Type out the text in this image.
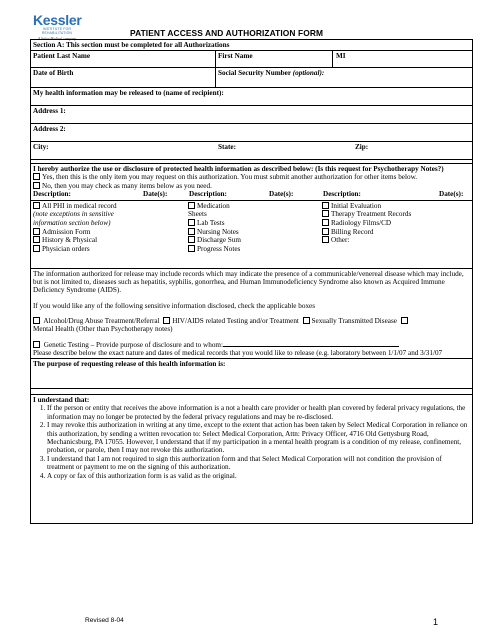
Kessler
INSTITUTE FOR REHABILITATION
A Select Medical company
PATIENT ACCESS AND AUTHORIZATION FORM
Section A: This section must be completed for all Authorizations
Patient Last Name	First Name	MI
Date of Birth	Social Security Number (optional):
My health information may be released to (name of recipient):
Address 1:
Address 2:
City:	State:	Zip:
I hereby authorize the use or disclosure of protected health information as described below: (Is this request for Psychotherapy Notes?)
Yes, then this is the only item you may request on this authorization. You must submit another authorization for other items below.
No, then you may check as many items below as you need.
Description:	Date(s):	Description:	Date(s):	Description:	Date(s):
All PHI in medical record
(note exceptions in sensitive
information section below)
Admission Form
History & Physical
Physician orders
Medication
Sheets
Lab Tests
Nursing Notes
Discharge Sum
Progress Notes
Initial Evaluation
Therapy Treatment Records
Radiology Films/CD
Billing Record
Other:
The information authorized for release may include records which may indicate the presence of a communicable/venereal disease which may include, but is not limited to, diseases such as hepatitis, syphilis, gonorrhea, and Human Immunodeficiency Syndrome also known as Acquired Immune Deficiency Syndrome (AIDS).
If you would like any of the following sensitive information disclosed, check the applicable boxes
Alcohol/Drug Abuse Treatment/Referral HIV/AIDS related Testing and/or Treatment Sexually Transmitted Disease
Mental Health (Other than Psychotherapy notes)
Genetic Testing – Provide purpose of disclosure and to whom:
Please describe below the exact nature and dates of medical records that you would like to release (e.g. laboratory between 1/1/07 and 3/31/07
The purpose of requesting release of this health information is:
I understand that:
1. If the person or entity that receives the above information is a not a health care provider or health plan covered by federal privacy regulations, the information may no longer be protected by the federal privacy regulations and may be re-disclosed.
2. I may revoke this authorization in writing at any time, except to the extent that action has been taken by Select Medical Corporation in reliance on this authorization, by sending a written revocation to: Select Medical Corporation, Attn: Privacy Officer, 4716 Old Gettysburg Road, Mechanicsburg, PA 17055. However, I understand that if my participation in a mental health program is a condition of my release, confinement, probation, or parole, then I may not revoke this authorization.
3. I understand that I am not required to sign this authorization form and that Select Medical Corporation will not condition the provision of treatment or payment to me on the signing of this authorization.
4. A copy or fax of this authorization form is as valid as the original.
Revised 8-04	1
